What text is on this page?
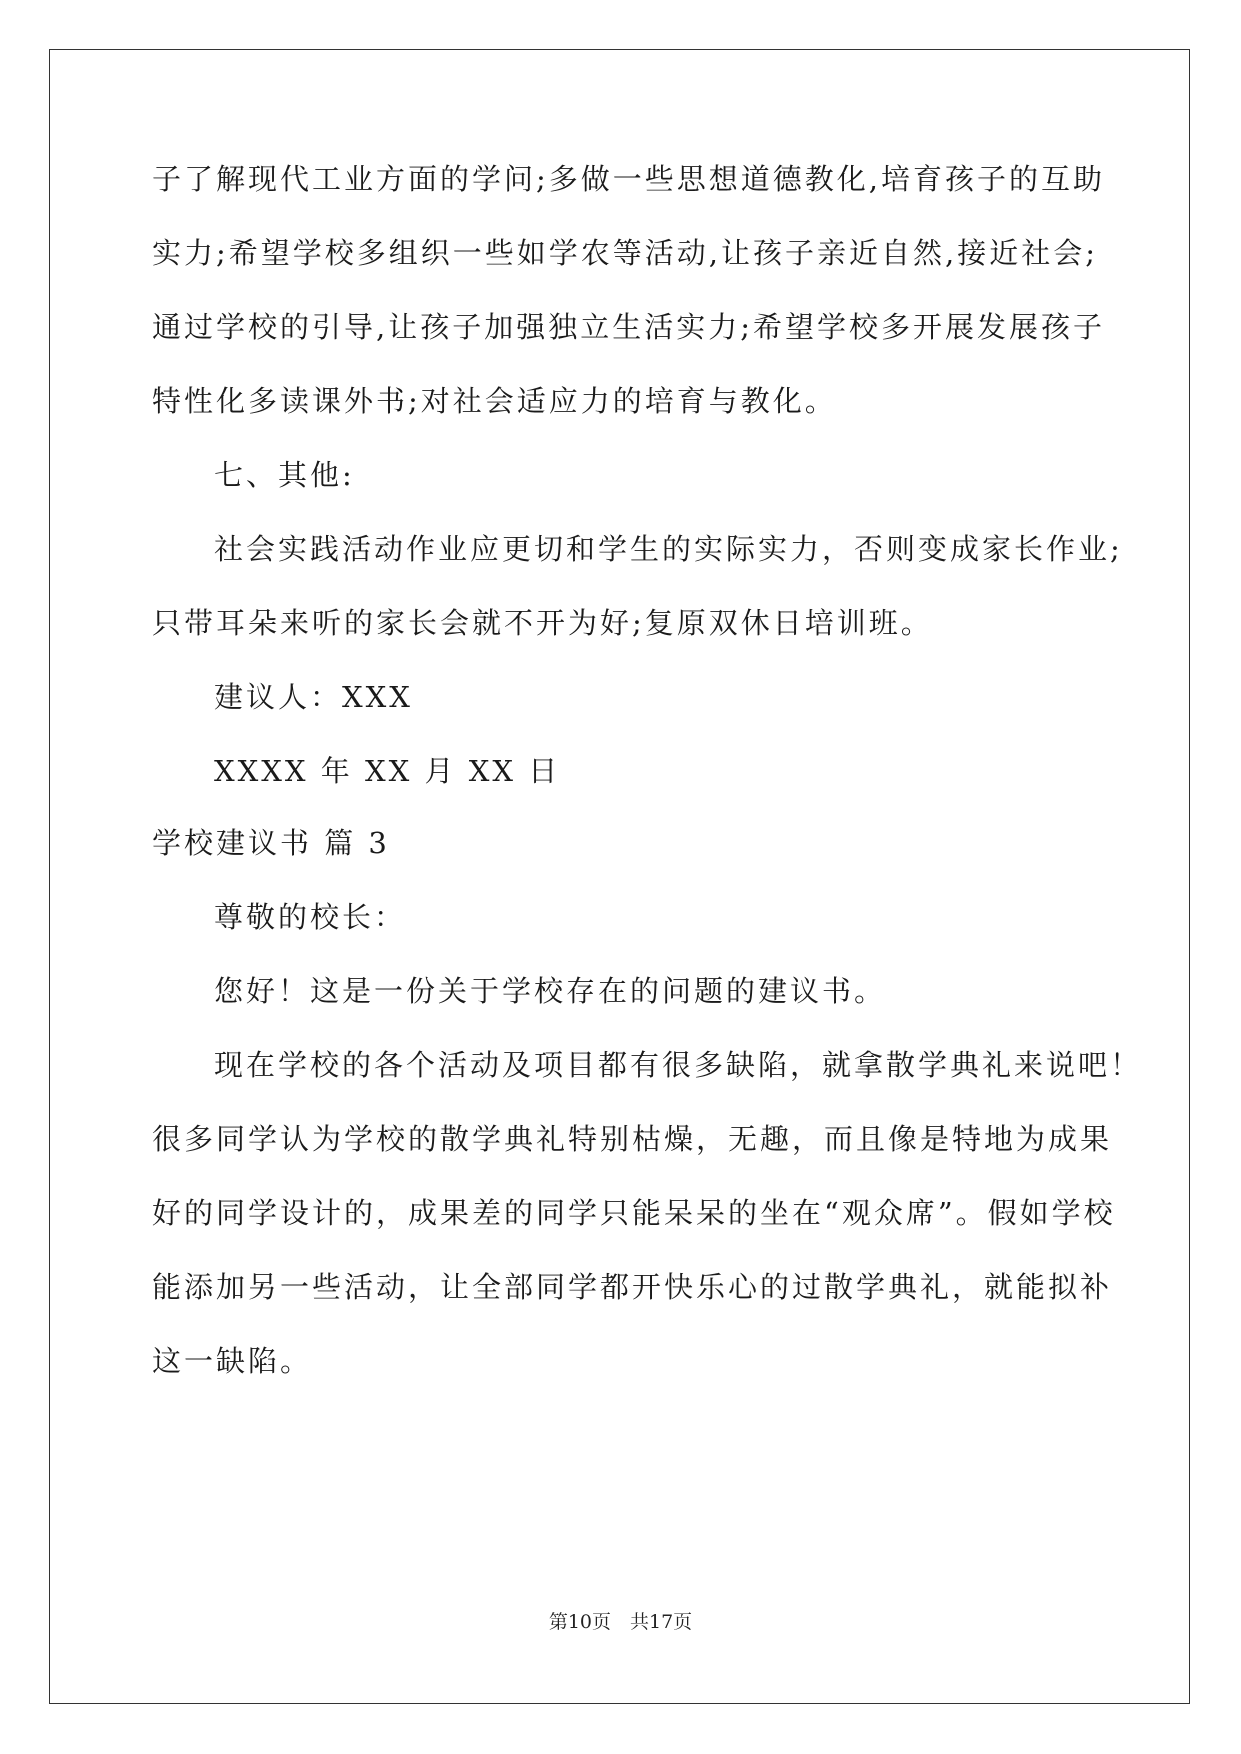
子了解现代工业方面的学问;多做一些思想道德教化,培育孩子的互助
实力;希望学校多组织一些如学农等活动,让孩子亲近自然,接近社会;
通过学校的引导,让孩子加强独立生活实力;希望学校多开展发展孩子
特性化多读课外书;对社会适应力的培育与教化。
七、其他:
社会实践活动作业应更切和学生的实际实力，否则变成家长作业;
只带耳朵来听的家长会就不开为好;复原双休日培训班。
建议人：XXX
XXXX 年 XX 月 XX 日
学校建议书 篇 3
尊敬的校长：
您好！这是一份关于学校存在的问题的建议书。
现在学校的各个活动及项目都有很多缺陷，就拿散学典礼来说吧！
很多同学认为学校的散学典礼特别枯燥，无趣，而且像是特地为成果
好的同学设计的，成果差的同学只能呆呆的坐在“观众席”。假如学校
能添加另一些活动，让全部同学都开快乐心的过散学典礼，就能拟补
这一缺陷。
第10页　共17页
